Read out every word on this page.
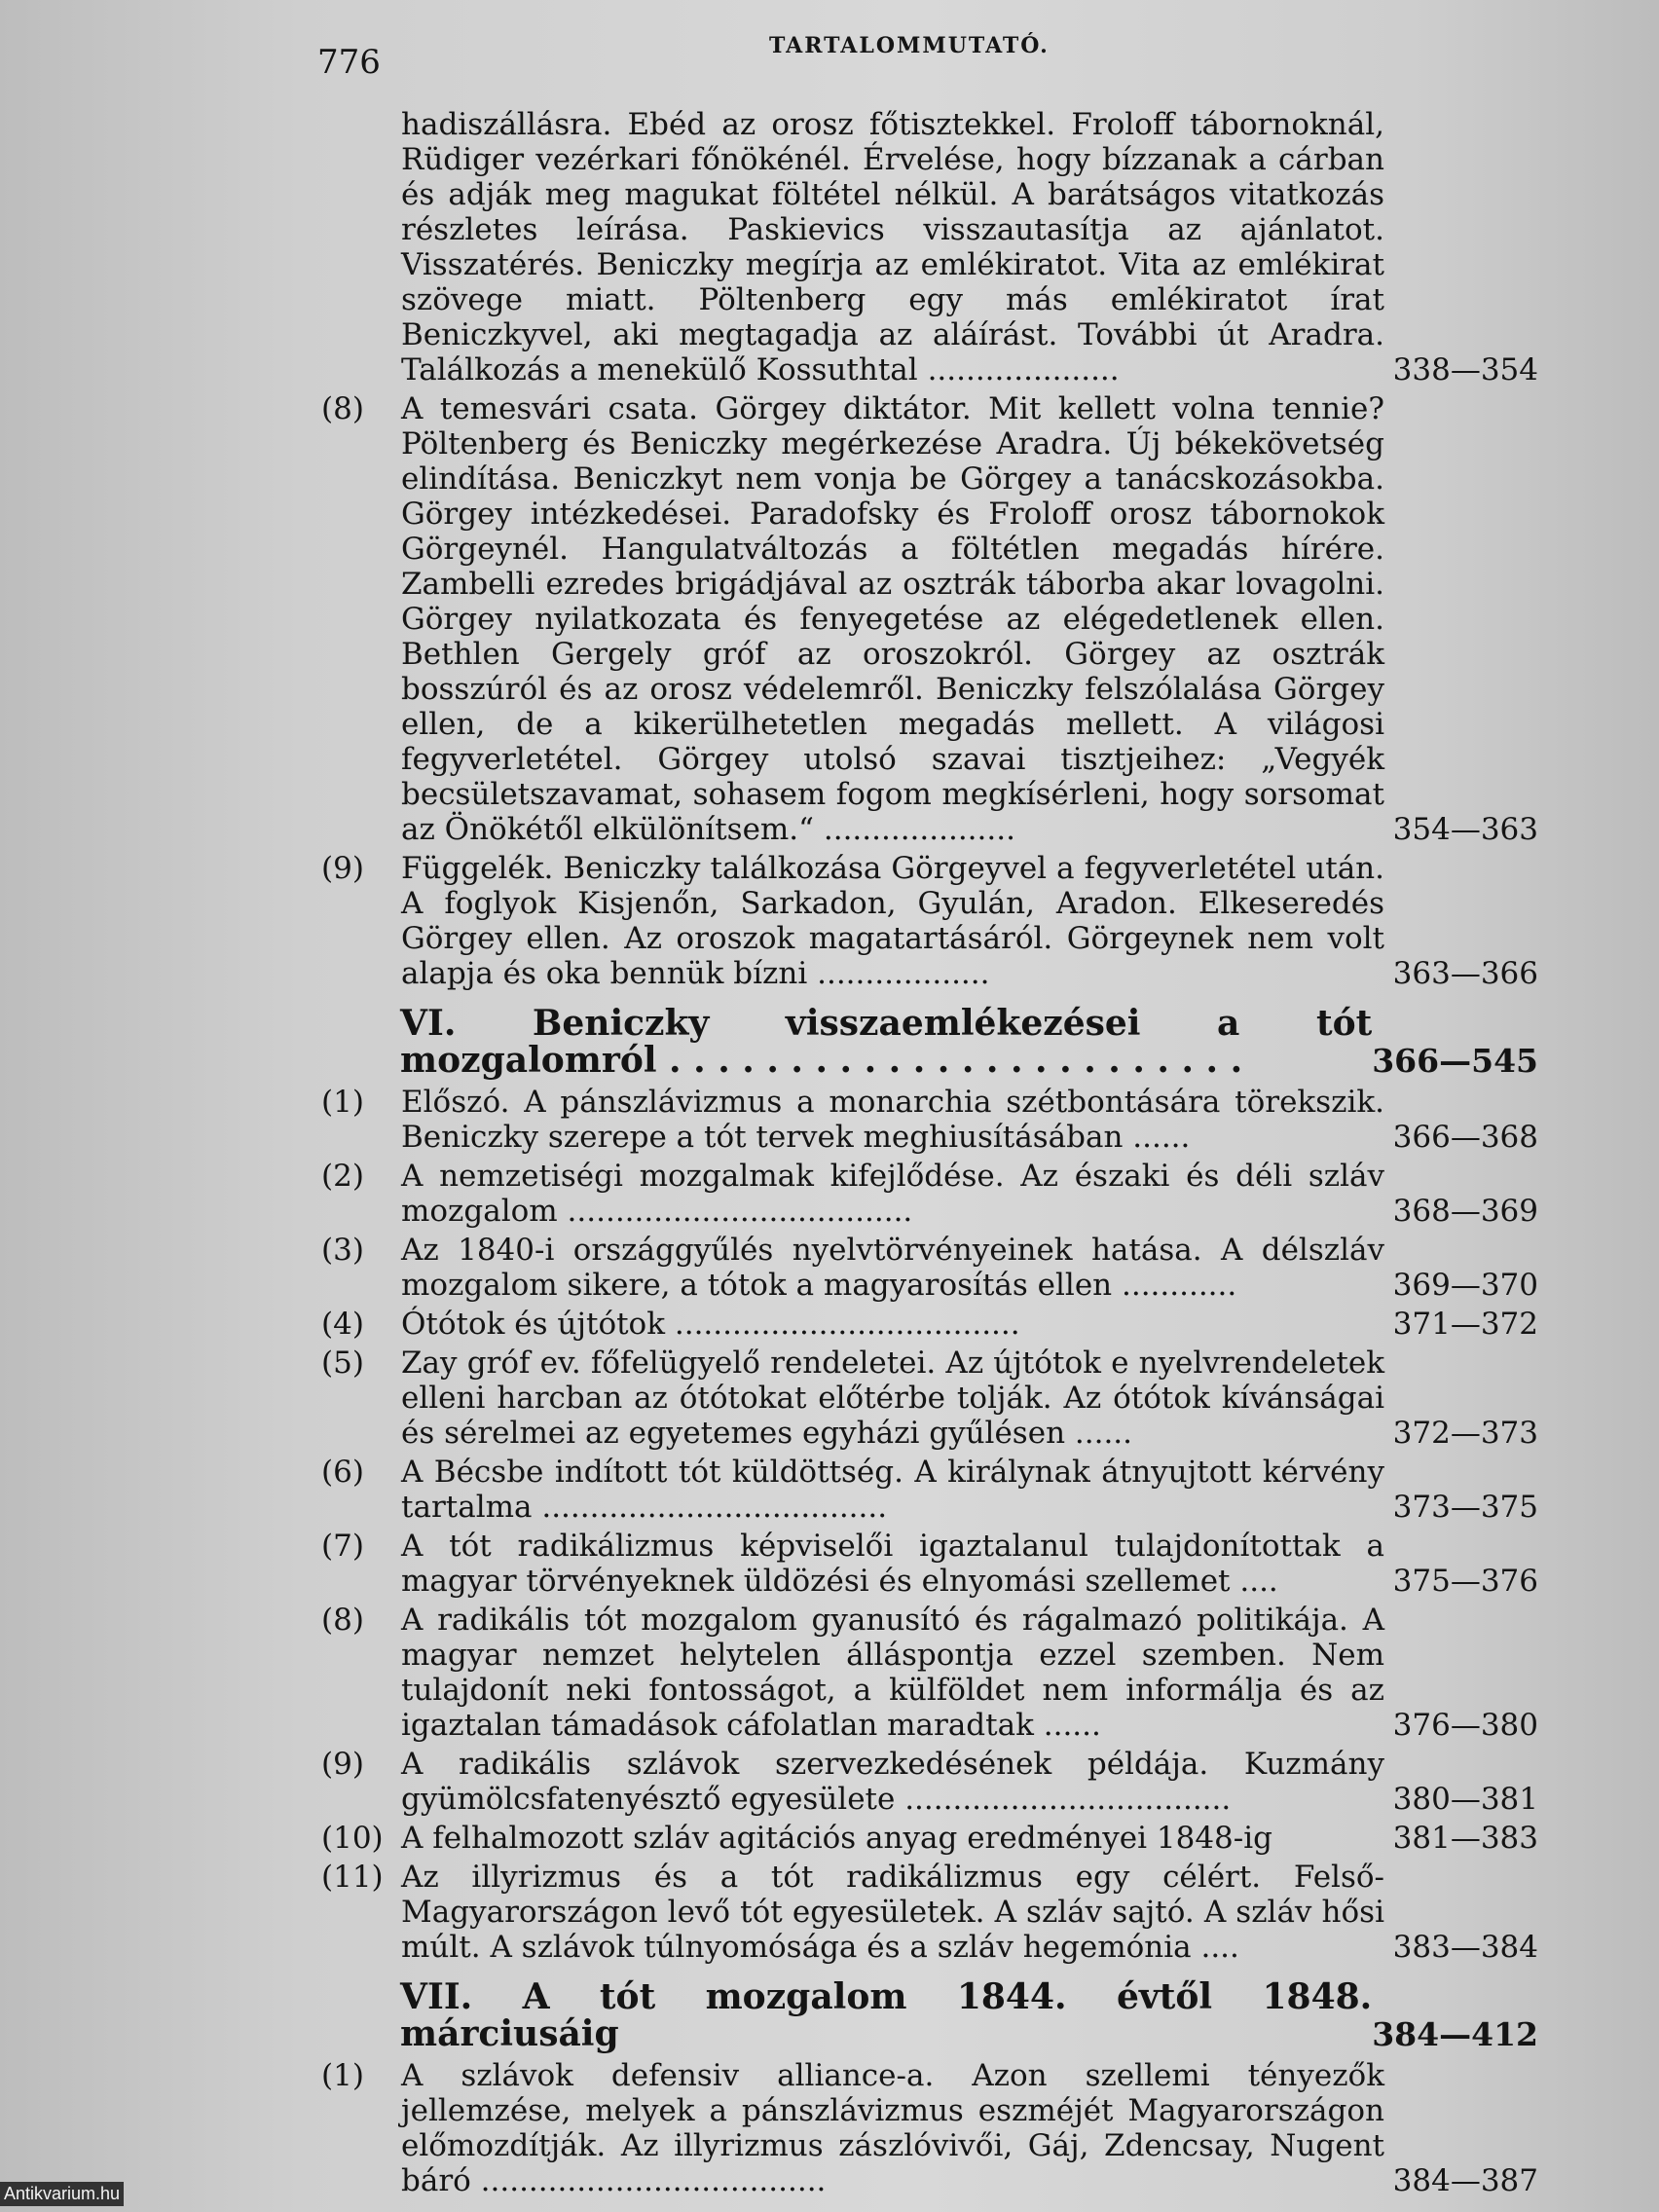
776	TARTALOMMUTATÓ.
hadiszállásra. Ebéd az orosz főtisztekkel. Froloff tábornoknál, Rüdiger vezérkari főnökénél. Érvelése, hogy bízzanak a cárban és adják meg magukat föltétel nélkül. A barátságos vitatkozás részletes leírása. Paskievics visszautasítja az ajánlatot. Visszatérés. Beniczky megírja az emlékiratot. Vita az emlékirat szövege miatt. Pöltenberg egy más emlékiratot írat Beniczkyvel, aki megtagadja az aláírást. További út Aradra. Találkozás a menekülő Kossuthtal ....................	338—354
(8)	A temesvári csata. Görgey diktátor. Mit kellett volna tennie? Pöltenberg és Beniczky megérkezése Aradra. Új békekövetség elindítása. Beniczkyt nem vonja be Görgey a tanácskozásokba. Görgey intézkedései. Paradofsky és Froloff orosz tábornokok Görgeynél. Hangulatváltozás a föltétlen megadás hírére. Zambelli ezredes brigádjával az osztrák táborba akar lovagolni. Görgey nyilatkozata és fenyegetése az elégedetlenek ellen. Bethlen Gergely gróf az oroszokról. Görgey az osztrák bosszúról és az orosz védelemről. Beniczky felszólalása Görgey ellen, de a kikerülhetetlen megadás mellett. A világosi fegyverletétel. Görgey utolsó szavai tisztjeihez: „Vegyék becsületszavamat, sohasem fogom megkísérleni, hogy sorsomat az Önökétől elkülönítsem.“ ....................	354—363
(9)	Függelék. Beniczky találkozása Görgeyvel a fegyverletétel után. A foglyok Kisjenőn, Sarkadon, Gyulán, Aradon. Elkeseredés Görgey ellen. Az oroszok magatartásáról. Görgeynek nem volt alapja és oka bennük bízni ..................	363—366
VI. Beniczky visszaemlékezései a tót mozgalomról . . . . . . . . . . . . . . . . . . . . . . . .	366—545
(1)	Előszó. A pánszlávizmus a monarchia szétbontására törekszik. Beniczky szerepe a tót tervek meghiusításában ......	366—368
(2)	A nemzetiségi mozgalmak kifejlődése. Az északi és déli szláv mozgalom ....................................	368—369
(3)	Az 1840-i országgyűlés nyelvtörvényeinek hatása. A délszláv mozgalom sikere, a tótok a magyarosítás ellen ............	369—370
(4)	Ótótok és újtótok ....................................	371—372
(5)	Zay gróf ev. főfelügyelő rendeletei. Az újtótok e nyelvrendeletek elleni harcban az ótótokat előtérbe tolják. Az ótótok kívánságai és sérelmei az egyetemes egyházi gyűlésen ......	372—373
(6)	A Bécsbe indított tót küldöttség. A királynak átnyujtott kérvény tartalma ....................................	373—375
(7)	A tót radikálizmus képviselői igaztalanul tulajdonítottak a magyar törvényeknek üldözési és elnyomási szellemet ....	375—376
(8)	A radikális tót mozgalom gyanusító és rágalmazó politikája. A magyar nemzet helytelen álláspontja ezzel szemben. Nem tulajdonít neki fontosságot, a külföldet nem informálja és az igaztalan támadások cáfolatlan maradtak ......	376—380
(9)	A radikális szlávok szervezkedésének példája. Kuzmány gyümölcsfatenyésztő egyesülete ..................................	380—381
(10) A felhalmozott szláv agitációs anyag eredményei 1848-ig	381—383
(11) Az illyrizmus és a tót radikálizmus egy célért. Felső-Magyarországon levő tót egyesületek. A szláv sajtó. A szláv hősi múlt. A szlávok túlnyomósága és a szláv hegemónia ....	383—384
VII. A tót mozgalom 1844. évtől 1848. márciusáig	384—412
(1)	A szlávok defensiv alliance-a. Azon szellemi tényezők jellemzése, melyek a pánszlávizmus eszméjét Magyarországon előmozdítják. Az illyrizmus zászlóvivői, Gáj, Zdencsay, Nugent báró ....................................	384—387
Antikvarium.hu
